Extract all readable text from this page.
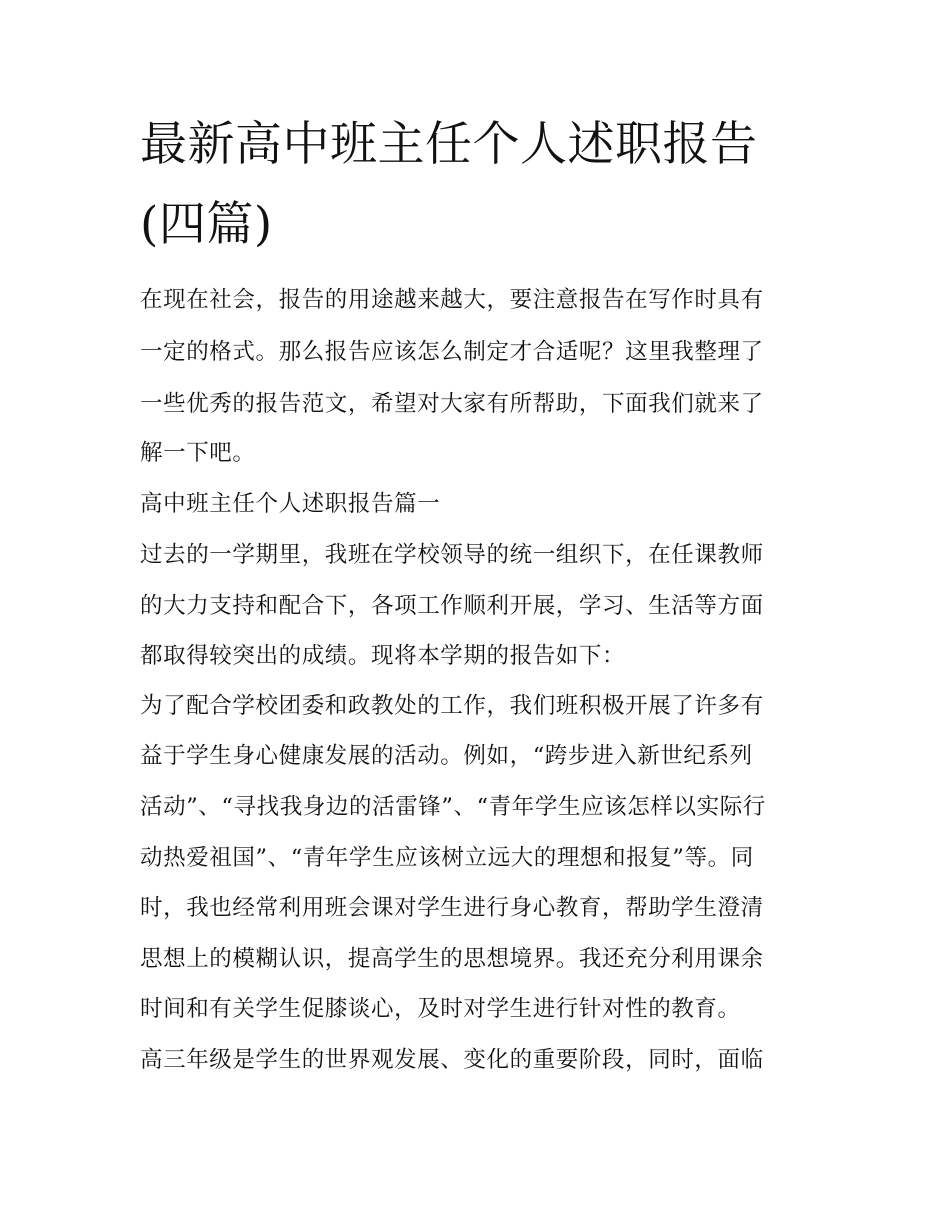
最新高中班主任个人述职报告
(四篇)

在现在社会，报告的用途越来越大，要注意报告在写作时具有

一定的格式。那么报告应该怎么制定才合适呢？这里我整理了

一些优秀的报告范文，希望对大家有所帮助，下面我们就来了

解一下吧。

高中班主任个人述职报告篇一

过去的一学期里，我班在学校领导的统一组织下，在任课教师

的大力支持和配合下，各项工作顺利开展，学习、生活等方面

都取得较突出的成绩。现将本学期的报告如下：

为了配合学校团委和政教处的工作，我们班积极开展了许多有

益于学生身心健康发展的活动。例如，“跨步进入新世纪系列

活动”、“寻找我身边的活雷锋”、“青年学生应该怎样以实际行

动热爱祖国”、“青年学生应该树立远大的理想和报复”等。同

时，我也经常利用班会课对学生进行身心教育，帮助学生澄清

思想上的模糊认识，提高学生的思想境界。我还充分利用课余

时间和有关学生促膝谈心，及时对学生进行针对性的教育。

高三年级是学生的世界观发展、变化的重要阶段，同时，面临
